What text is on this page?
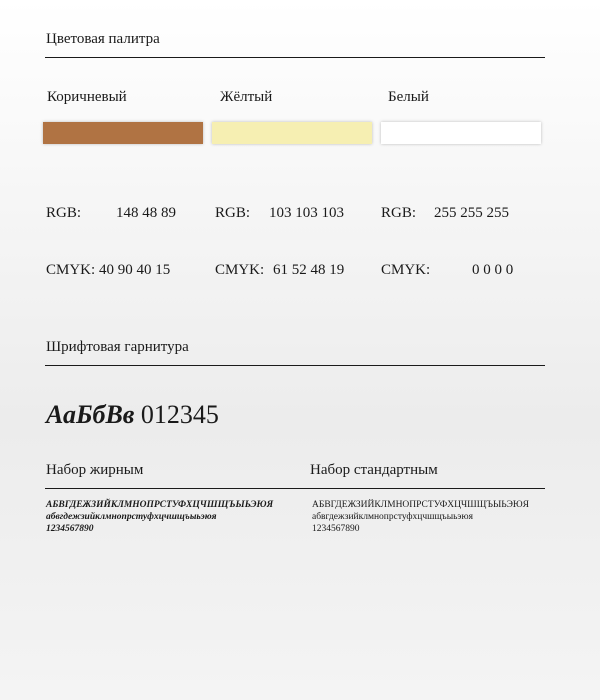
Цветовая палитра
Коричневый

RGB: 148 48 89

CMYK: 40 90 40 15

Жёлтый

RGB: 103 103 103

CMYK: 61 52 48 19

Белый

RGB: 255 255 255

CMYK:	0 0 0 0

Шрифтовая гарнитура
АаБбВв 012345
Набор жирным	Набор стандартным
АБВГДЕЖЗИЙКЛМНОПРСТУФХЦЧШЩЪЫЬЭЮЯ
абвгдежзийклмнопрстуфхцчшщъыьэюя
1234567890
АБВГДЕЖЗИЙКЛМНОПРСТУФХЦЧШЩЪЫЬЭЮЯ
абвгдежзийклмнопрстуфхцчшщъыьэюя
1234567890
